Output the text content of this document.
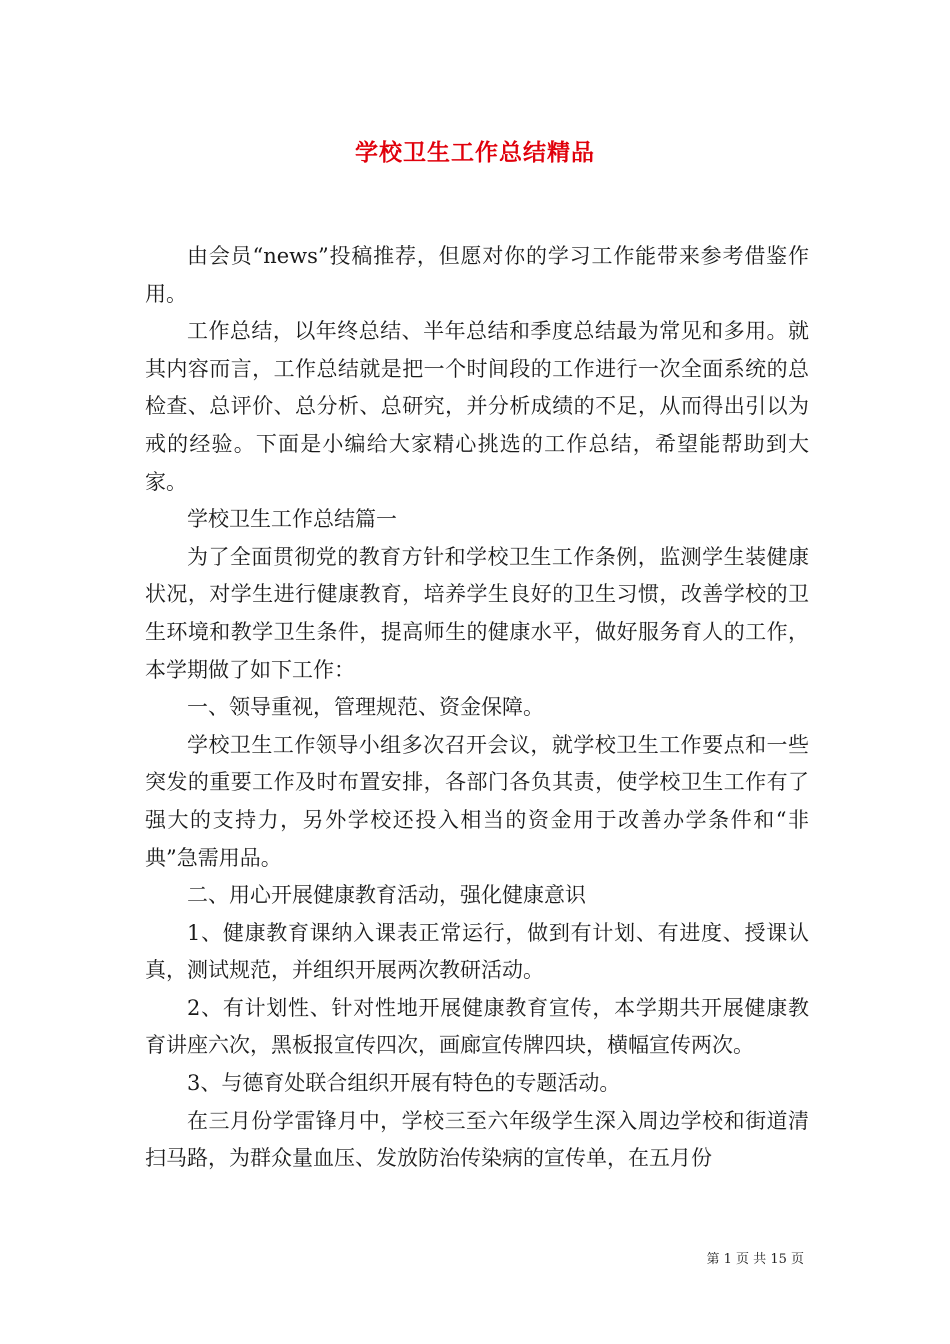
学校卫生工作总结精品

由会员“news”投稿推荐，但愿对你的学习工作能带来参考借鉴作用。

工作总结，以年终总结、半年总结和季度总结最为常见和多用。就其内容而言，工作总结就是把一个时间段的工作进行一次全面系统的总检查、总评价、总分析、总研究，并分析成绩的不足，从而得出引以为戒的经验。下面是小编给大家精心挑选的工作总结，希望能帮助到大家。

学校卫生工作总结篇一

为了全面贯彻党的教育方针和学校卫生工作条例，监测学生装健康状况，对学生进行健康教育，培养学生良好的卫生习惯，改善学校的卫生环境和教学卫生条件，提高师生的健康水平，做好服务育人的工作，本学期做了如下工作：

一、领导重视，管理规范、资金保障。

学校卫生工作领导小组多次召开会议，就学校卫生工作要点和一些突发的重要工作及时布置安排，各部门各负其责，使学校卫生工作有了强大的支持力，另外学校还投入相当的资金用于改善办学条件和“非典”急需用品。

二、用心开展健康教育活动，强化健康意识

1、健康教育课纳入课表正常运行，做到有计划、有进度、授课认真，测试规范，并组织开展两次教研活动。

2、有计划性、针对性地开展健康教育宣传，本学期共开展健康教育讲座六次，黑板报宣传四次，画廊宣传牌四块，横幅宣传两次。

3、与德育处联合组织开展有特色的专题活动。

在三月份学雷锋月中，学校三至六年级学生深入周边学校和街道清扫马路，为群众量血压、发放防治传染病的宣传单，在五月份

第 1 页 共 15 页
